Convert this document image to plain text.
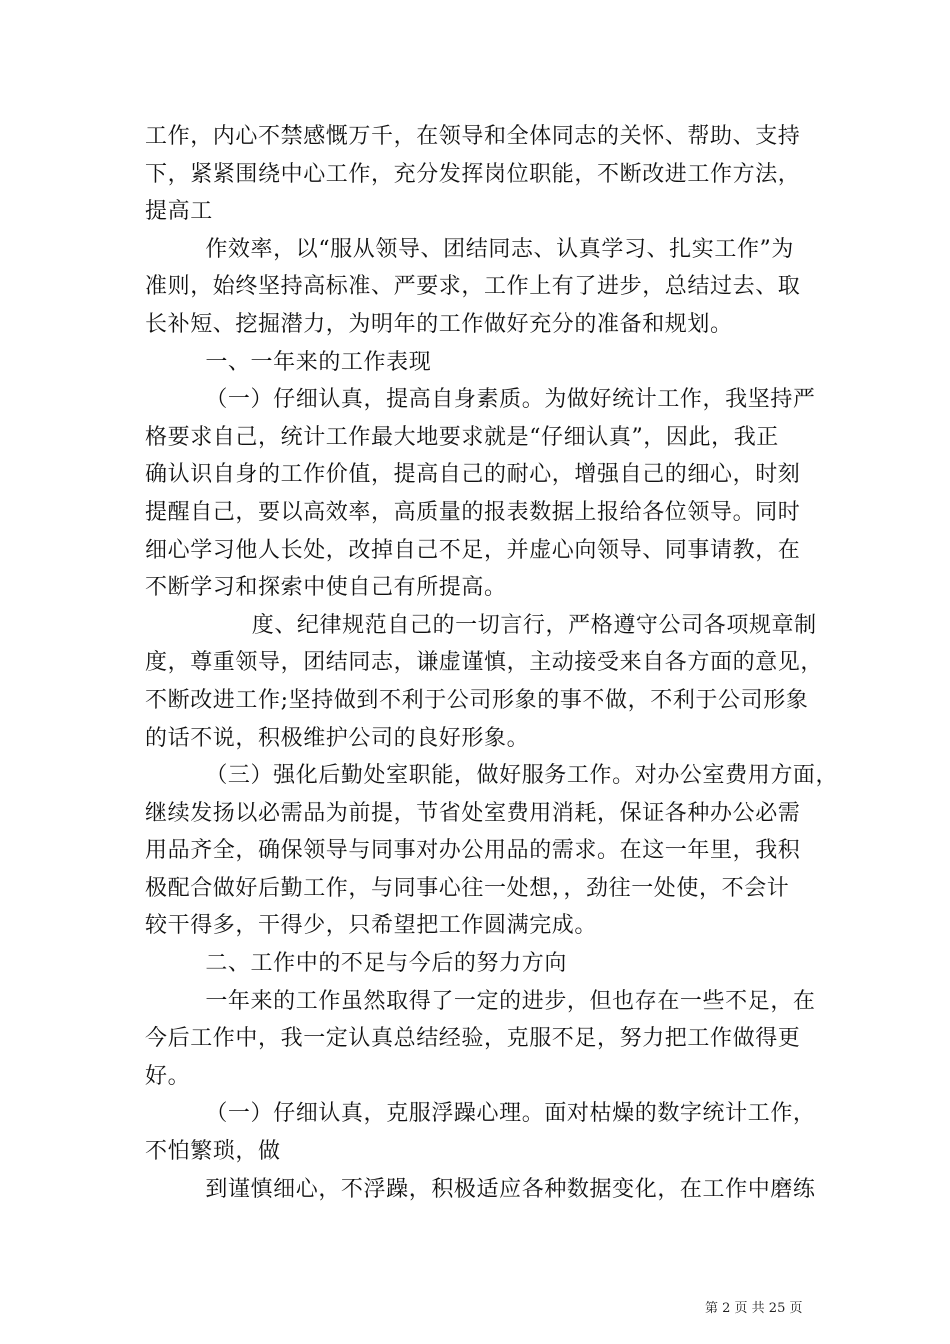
工作，内心不禁感慨万千，在领导和全体同志的关怀、帮助、支持
下，紧紧围绕中心工作，充分发挥岗位职能，不断改进工作方法，
提高工
作效率，以“服从领导、团结同志、认真学习、扎实工作”为
准则，始终坚持高标准、严要求，工作上有了进步，总结过去、取
长补短、挖掘潜力，为明年的工作做好充分的准备和规划。
一、一年来的工作表现
（一）仔细认真，提高自身素质。为做好统计工作，我坚持严
格要求自己，统计工作最大地要求就是“仔细认真”，因此，我正
确认识自身的工作价值，提高自己的耐心，增强自己的细心，时刻
提醒自己，要以高效率，高质量的报表数据上报给各位领导。同时
细心学习他人长处，改掉自己不足，并虚心向领导、同事请教，在
不断学习和探索中使自己有所提高。
度、纪律规范自己的一切言行，严格遵守公司各项规章制
度，尊重领导，团结同志，谦虚谨慎，主动接受来自各方面的意见，
不断改进工作;坚持做到不利于公司形象的事不做，不利于公司形象
的话不说，积极维护公司的良好形象。
（三）强化后勤处室职能，做好服务工作。对办公室费用方面，
继续发扬以必需品为前提，节省处室费用消耗，保证各种办公必需
用品齐全，确保领导与同事对办公用品的需求。在这一年里，我积
极配合做好后勤工作，与同事心往一处想，，劲往一处使，不会计
较干得多，干得少，只希望把工作圆满完成。
二、工作中的不足与今后的努力方向
一年来的工作虽然取得了一定的进步，但也存在一些不足，在
今后工作中，我一定认真总结经验，克服不足，努力把工作做得更
好。
（一）仔细认真，克服浮躁心理。面对枯燥的数字统计工作，
不怕繁琐，做
到谨慎细心，不浮躁，积极适应各种数据变化，在工作中磨练
第 2 页 共 25 页
